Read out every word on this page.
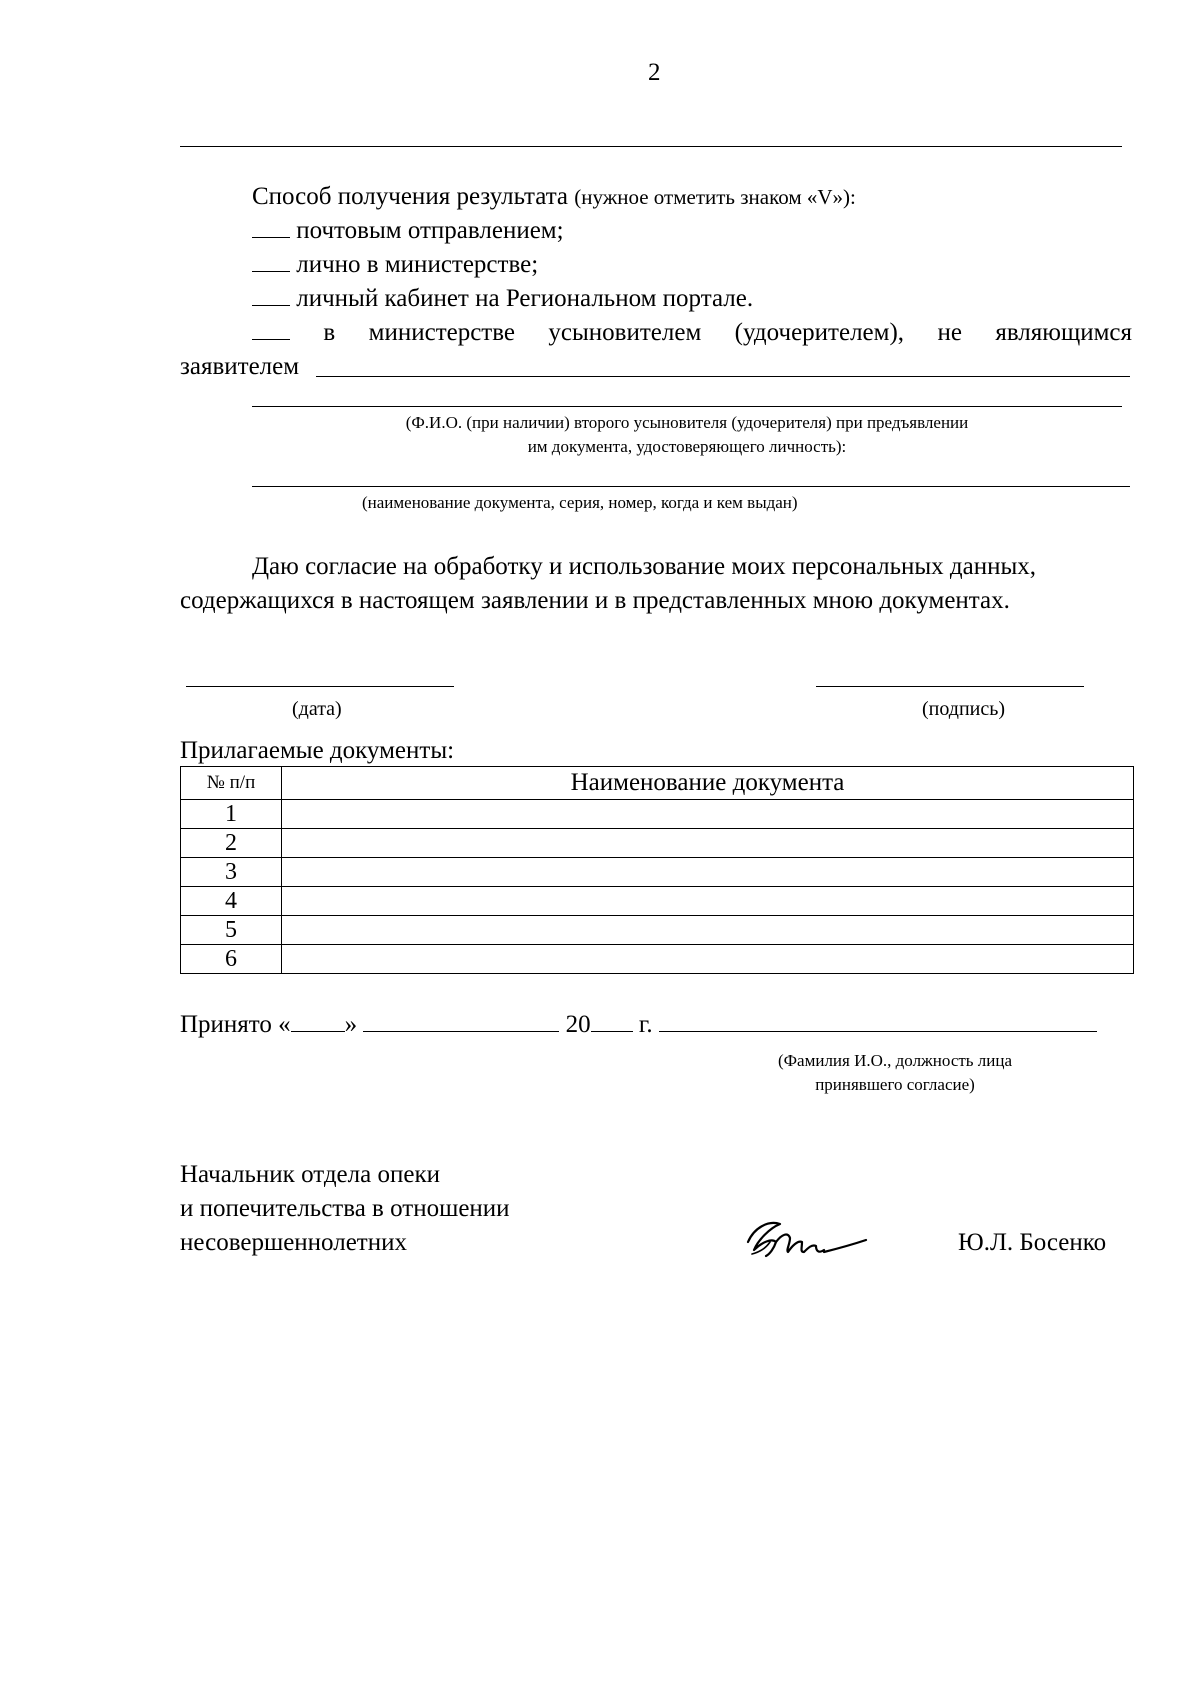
2
Способ получения результата (нужное отметить знаком «V»):
почтовым отправлением;
лично в министерстве;
личный кабинет на Региональном портале.
в министерстве усыновителем (удочерителем), не являющимся
заявителем
(Ф.И.О. (при наличии) второго усыновителя (удочерителя) при предъявлении
им документа, удостоверяющего личность):
(наименование документа, серия, номер, когда и кем выдан)
Даю согласие на обработку и использование моих персональных данных,
содержащихся в настоящем заявлении и в представленных мною документах.
(дата)	(подпись)
Прилагаемые документы:
№ п/п	Наименование документа
1	
2	
3	
4	
5	
6	
Принято « »	20 г.
(Фамилия И.О., должность лица
принявшего согласие)
Начальник отдела опеки
и попечительства в отношении
несовершеннолетних	Ю.Л. Босенко
